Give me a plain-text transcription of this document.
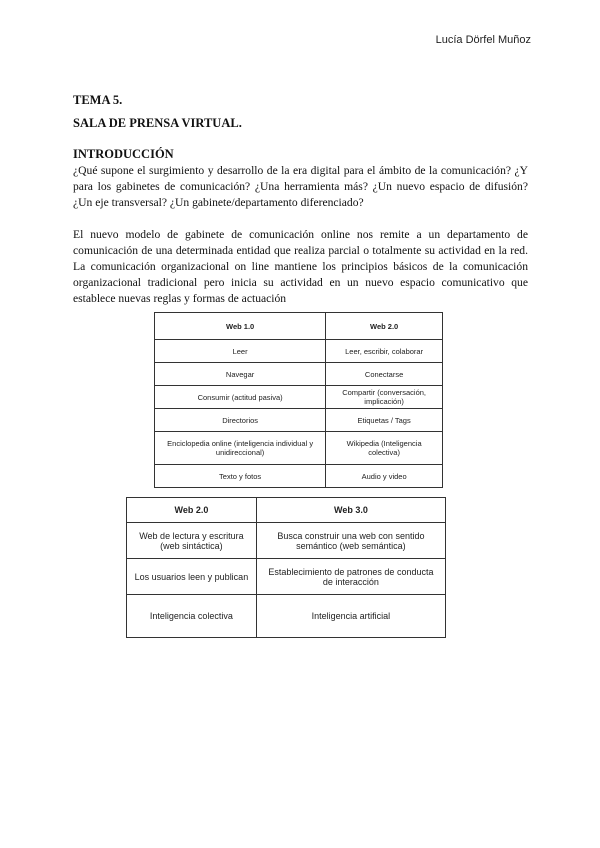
Lucía Dörfel Muñoz
TEMA 5.
SALA DE PRENSA VIRTUAL.
INTRODUCCIÓN

¿Qué supone el surgimiento y desarrollo de la era digital para el ámbito de la comunicación? ¿Y para los gabinetes de comunicación? ¿Una herramienta más? ¿Un nuevo espacio de difusión? ¿Un eje transversal? ¿Un gabinete/departamento diferenciado?

El nuevo modelo de gabinete de comunicación online nos remite a un departamento de comunicación de una determinada entidad que realiza parcial o totalmente su actividad en la red. La comunicación organizacional on line mantiene los principios básicos de la comunicación organizacional tradicional pero inicia su actividad en un nuevo espacio comunicativo que establece nuevas reglas y formas de actuación

Web 1.0	Web 2.0
Leer	Leer, escribir, colaborar
Navegar	Conectarse
Consumir (actitud pasiva)	Compartir (conversación, implicación)
Directorios	Etiquetas / Tags
Enciclopedia online (inteligencia individual y unidireccional)	Wikipedia (Inteligencia colectiva)
Texto y fotos	Audio y video
Web 2.0	Web 3.0
Web de lectura y escritura (web sintáctica)	Busca construir una web con sentido semántico (web semántica)
Los usuarios leen y publican	Establecimiento de patrones de conducta de interacción
Inteligencia colectiva	Inteligencia artificial
